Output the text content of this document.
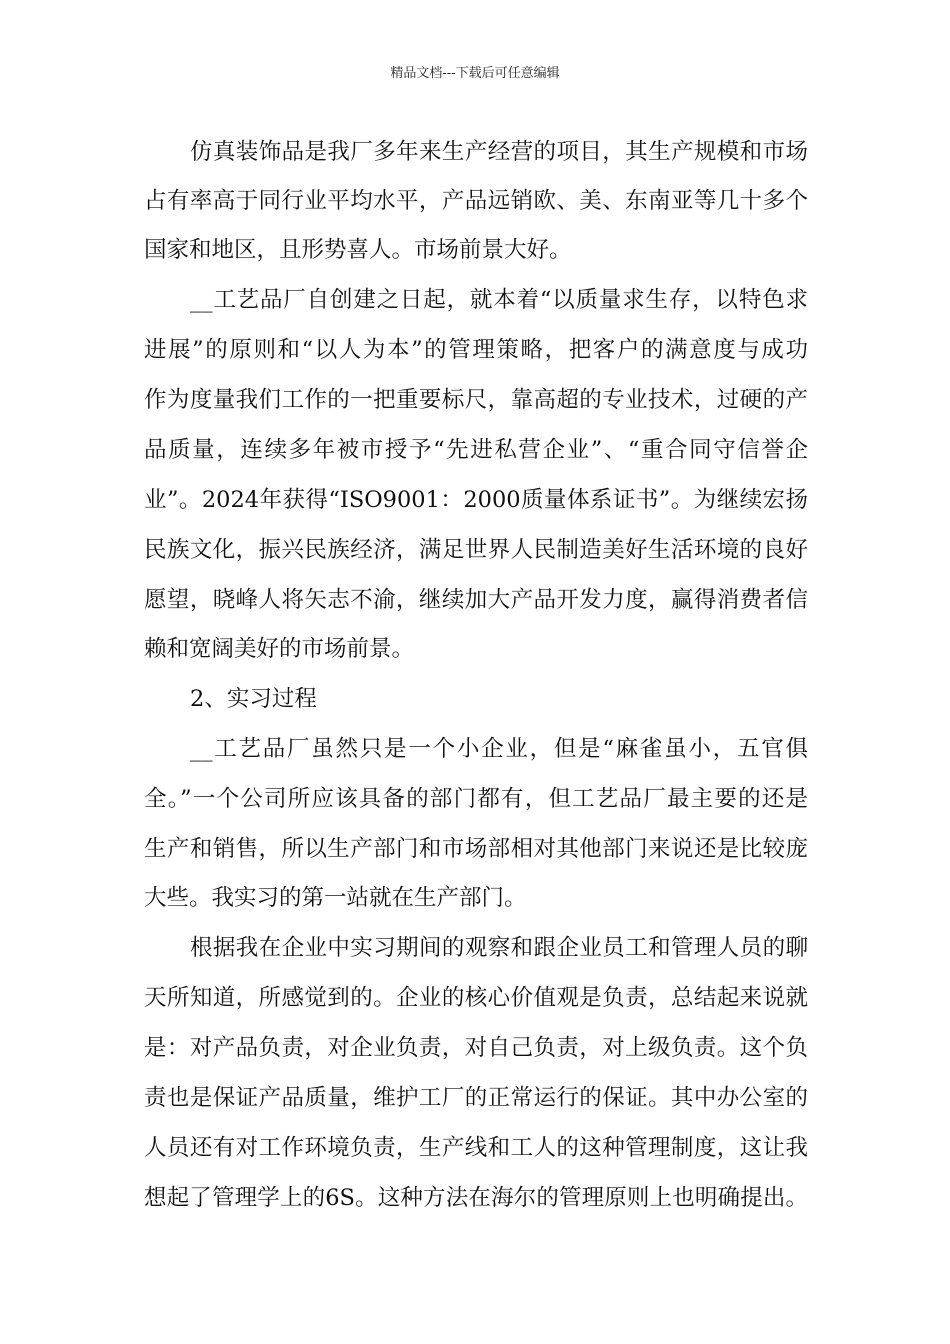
精品文档---下载后可任意编辑
仿真装饰品是我厂多年来生产经营的项目，其生产规模和市场
占有率高于同行业平均水平，产品远销欧、美、东南亚等几十多个
国家和地区，且形势喜人。市场前景大好。
__工艺品厂自创建之日起，就本着“以质量求生存，以特色求
进展”的原则和“以人为本”的管理策略，把客户的满意度与成功
作为度量我们工作的一把重要标尺，靠高超的专业技术，过硬的产
品质量，连续多年被市授予“先进私营企业”、“重合同守信誉企
业”。2024年获得“ISO9001：2000质量体系证书”。为继续宏扬
民族文化，振兴民族经济，满足世界人民制造美好生活环境的良好
愿望，晓峰人将矢志不渝，继续加大产品开发力度，赢得消费者信
赖和宽阔美好的市场前景。
2、实习过程
__工艺品厂虽然只是一个小企业，但是“麻雀虽小，五官俱
全。”一个公司所应该具备的部门都有，但工艺品厂最主要的还是
生产和销售，所以生产部门和市场部相对其他部门来说还是比较庞
大些。我实习的第一站就在生产部门。
根据我在企业中实习期间的观察和跟企业员工和管理人员的聊
天所知道，所感觉到的。企业的核心价值观是负责，总结起来说就
是：对产品负责，对企业负责，对自己负责，对上级负责。这个负
责也是保证产品质量，维护工厂的正常运行的保证。其中办公室的
人员还有对工作环境负责，生产线和工人的这种管理制度，这让我
想起了管理学上的6S。这种方法在海尔的管理原则上也明确提出。
